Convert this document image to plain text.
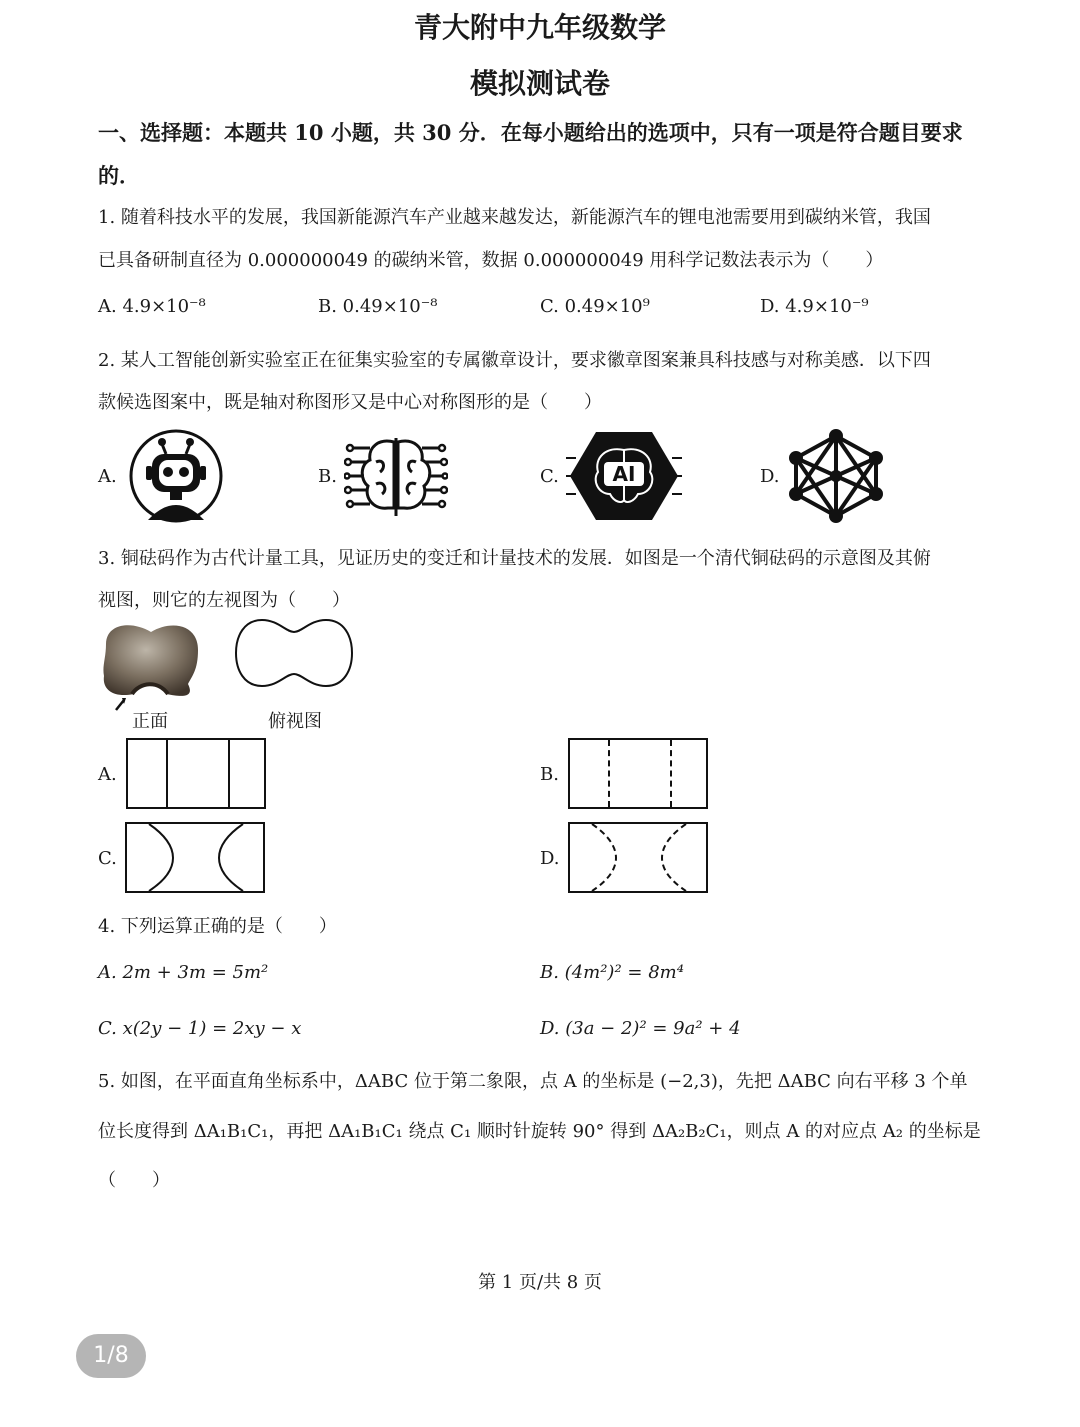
青大附中九年级数学
模拟测试卷
一、选择题：本题共 10 小题，共 30 分．在每小题给出的选项中，只有一项是符合题目要求
的．
1. 随着科技水平的发展，我国新能源汽车产业越来越发达，新能源汽车的锂电池需要用到碳纳米管，我国
已具备研制直径为 0.000000049 的碳纳米管，数据 0.000000049 用科学记数法表示为（　　）
A. 4.9×10⁻⁸	B. 0.49×10⁻⁸	C. 0.49×10⁹	D. 4.9×10⁻⁹
2. 某人工智能创新实验室正在征集实验室的专属徽章设计，要求徽章图案兼具科技感与对称美感．以下四
款候选图案中，既是轴对称图形又是中心对称图形的是（　　）
A.	B.	C.	AI	D.
3. 铜砝码作为古代计量工具，见证历史的变迁和计量技术的发展．如图是一个清代铜砝码的示意图及其俯
视图，则它的左视图为（　　）
正面	俯视图
A.	B.
C.	D.
4. 下列运算正确的是（　　）
A. 2m + 3m = 5m²	B. (4m²)² = 8m⁴
C. x(2y − 1) = 2xy − x	D. (3a − 2)² = 9a² + 4
5. 如图，在平面直角坐标系中，ΔABC 位于第二象限，点 A 的坐标是 (−2,3)，先把 ΔABC 向右平移 3 个单
位长度得到 ΔA₁B₁C₁，再把 ΔA₁B₁C₁ 绕点 C₁ 顺时针旋转 90° 得到 ΔA₂B₂C₁，则点 A 的对应点 A₂ 的坐标是
（　　）
第 1 页/共 8 页
1/8
